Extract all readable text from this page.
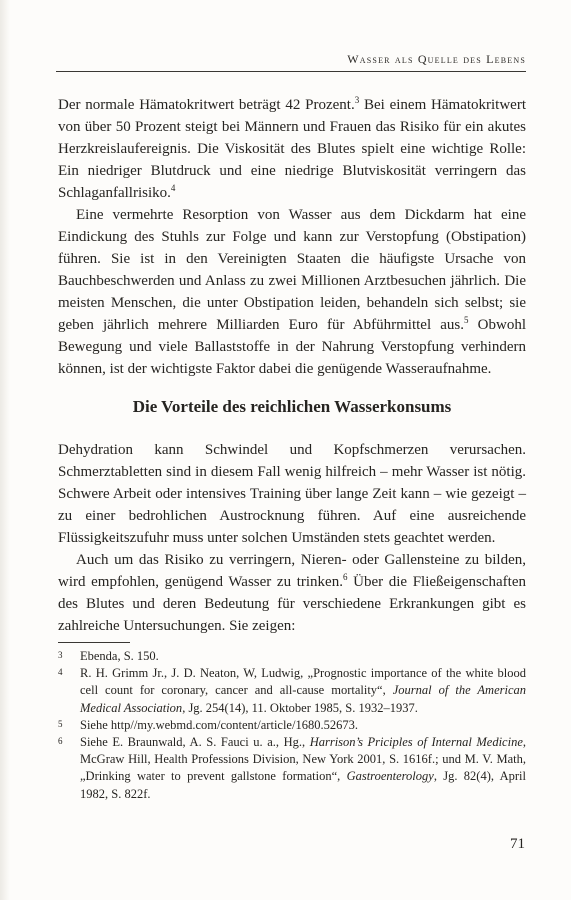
Wasser als Quelle des Lebens

Der normale Hämatokritwert beträgt 42 Prozent.$^3$ Bei einem Hämatokritwert von über 50 Prozent steigt bei Männern und Frauen das Risiko für ein akutes Herzkreislaufereignis. Die Viskosität des Blutes spielt eine wichtige Rolle: Ein niedriger Blutdruck und eine niedrige Blutviskosität verringern das Schlaganfallrisiko.$^4$

Eine vermehrte Resorption von Wasser aus dem Dickdarm hat eine Eindickung des Stuhls zur Folge und kann zur Verstopfung (Obstipation) führen. Sie ist in den Vereinigten Staaten die häufigste Ursache von Bauchbeschwerden und Anlass zu zwei Millionen Arztbesuchen jährlich. Die meisten Menschen, die unter Obstipation leiden, behandeln sich selbst; sie geben jährlich mehrere Milliarden Euro für Abführmittel aus.$^5$ Obwohl Bewegung und viele Ballaststoffe in der Nahrung Verstopfung verhindern können, ist der wichtigste Faktor dabei die genügende Wasseraufnahme.

Die Vorteile des reichlichen Wasserkonsums

Dehydration kann Schwindel und Kopfschmerzen verursachen. Schmerztabletten sind in diesem Fall wenig hilfreich – mehr Wasser ist nötig. Schwere Arbeit oder intensives Training über lange Zeit kann – wie gezeigt – zu einer bedrohlichen Austrocknung führen. Auf eine ausreichende Flüssigkeitszufuhr muss unter solchen Umständen stets geachtet werden.

Auch um das Risiko zu verringern, Nieren- oder Gallensteine zu bilden, wird empfohlen, genügend Wasser zu trinken.$^6$ Über die Fließeigenschaften des Blutes und deren Bedeutung für verschiedene Erkrankungen gibt es zahlreiche Untersuchungen. Sie zeigen:

3 Ebenda, S. 150.
4 R. H. Grimm Jr., J. D. Neaton, W, Ludwig, „Prognostic importance of the white blood cell count for coronary, cancer and all-cause mortality“, Journal of the American Medical Association, Jg. 254(14), 11. Oktober 1985, S. 1932–1937.
5 Siehe http//my.webmd.com/content/article/1680.52673.
6 Siehe E. Braunwald, A. S. Fauci u. a., Hg., Harrison’s Priciples of Internal Medicine, McGraw Hill, Health Professions Division, New York 2001, S. 1616f.; und M. V. Math, „Drinking water to prevent gallstone formation“, Gastroenterology, Jg. 82(4), April 1982, S. 822f.
71
